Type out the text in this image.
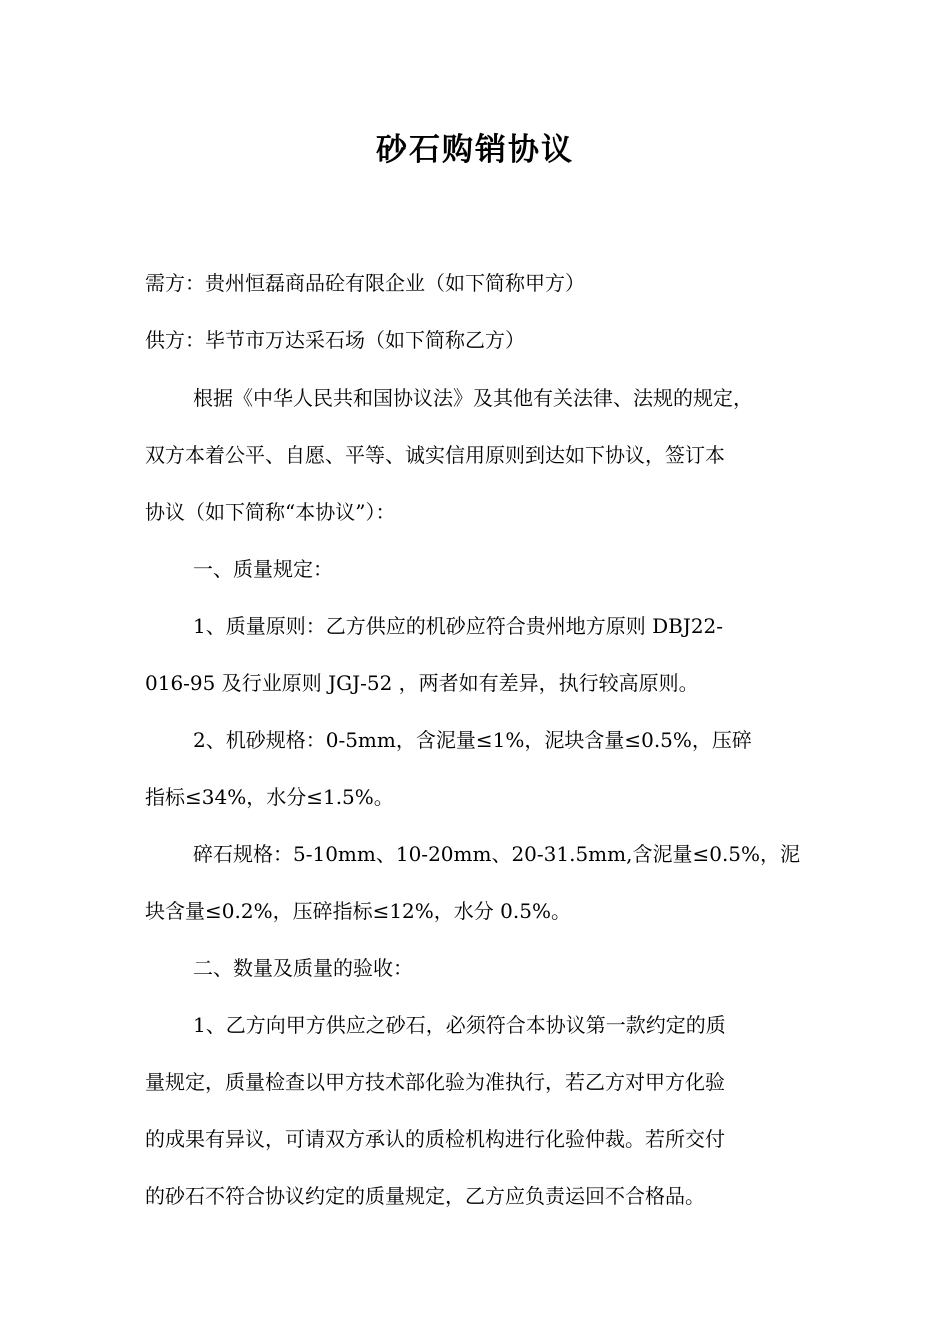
砂石购销协议
需方：贵州恒磊商品砼有限企业（如下简称甲方）
供方：毕节市万达采石场（如下简称乙方）
根据《中华人民共和国协议法》及其他有关法律、法规的规定，
双方本着公平、自愿、平等、诚实信用原则到达如下协议，签订本
协议（如下简称“本协议”）：
一、质量规定：
1、质量原则：乙方供应的机砂应符合贵州地方原则 DBJ22-
016-95 及行业原则 JGJ-52 ，两者如有差异，执行较高原则。
2、机砂规格：0-5mm，含泥量≤1%，泥块含量≤0.5%，压碎
指标≤34%，水分≤1.5%。
碎石规格：5-10mm、10-20mm、20-31.5mm,含泥量≤0.5%，泥
块含量≤0.2%，压碎指标≤12%，水分 0.5%。
二、数量及质量的验收：
1、乙方向甲方供应之砂石，必须符合本协议第一款约定的质
量规定，质量检查以甲方技术部化验为准执行，若乙方对甲方化验
的成果有异议，可请双方承认的质检机构进行化验仲裁。若所交付
的砂石不符合协议约定的质量规定，乙方应负责运回不合格品。
